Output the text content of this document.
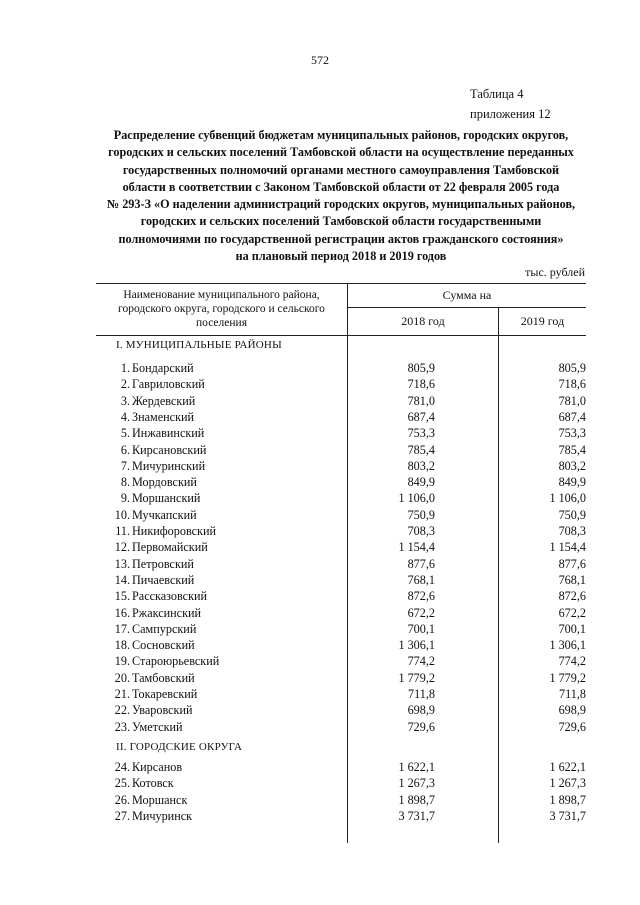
572
Таблица 4
приложения 12
Распределение субвенций бюджетам муниципальных районов, городских округов,
городских и сельских поселений Тамбовской области на осуществление переданных
государственных полномочий органами местного самоуправления Тамбовской
области в соответствии с Законом Тамбовской области от 22 февраля 2005 года
№ 293-З «О наделении администраций городских округов, муниципальных районов,
городских и сельских поселений Тамбовской области государственными
полномочиями по государственной регистрации актов гражданского состояния»
на плановый период 2018 и 2019 годов
тыс. рублей
Наименование муниципального района,
городского округа, городского и сельского
поселения
Сумма на
2018 год	2019 год
I. МУНИЦИПАЛЬНЫЕ РАЙОНЫ
1. Бондарский	805,9	805,9
2. Гавриловский	718,6	718,6
3. Жердевский	781,0	781,0
4. Знаменский	687,4	687,4
5. Инжавинский	753,3	753,3
6. Кирсановский	785,4	785,4
7. Мичуринский	803,2	803,2
8. Мордовский	849,9	849,9
9. Моршанский	1 106,0	1 106,0
10. Мучкапский	750,9	750,9
11. Никифоровский	708,3	708,3
12. Первомайский	1 154,4	1 154,4
13. Петровский	877,6	877,6
14. Пичаевский	768,1	768,1
15. Рассказовский	872,6	872,6
16. Ржаксинский	672,2	672,2
17. Сампурский	700,1	700,1
18. Сосновский	1 306,1	1 306,1
19. Староюрьевский	774,2	774,2
20. Тамбовский	1 779,2	1 779,2
21. Токаревский	711,8	711,8
22. Уваровский	698,9	698,9
23. Уметский	729,6	729,6
II. ГОРОДСКИЕ ОКРУГА
24. Кирсанов	1 622,1	1 622,1
25. Котовск	1 267,3	1 267,3
26. Моршанск	1 898,7	1 898,7
27. Мичуринск	3 731,7	3 731,7
